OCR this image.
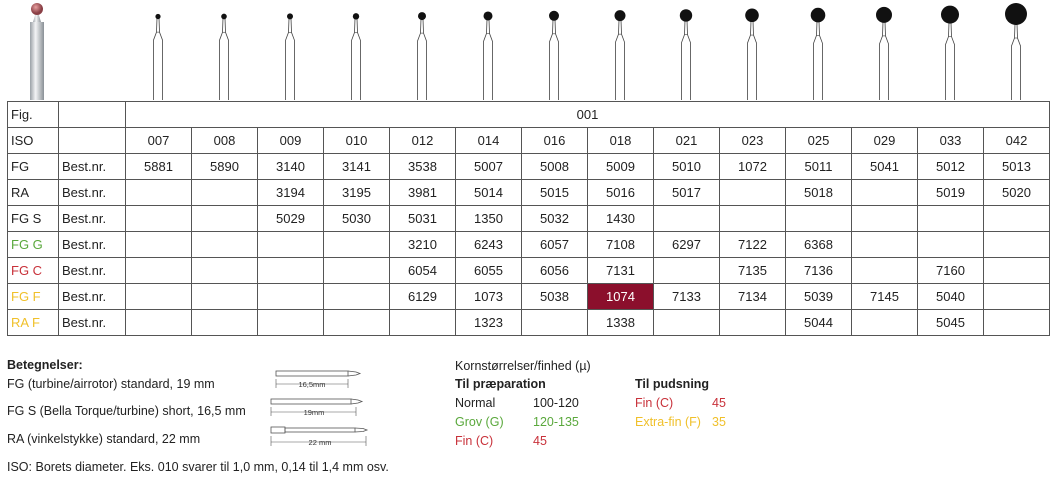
Fig.		001													
ISO		007	008	009	010	012	014	016	018	021	023	025	029	033	042
FG	Best.nr.	5881	5890	3140	3141	3538	5007	5008	5009	5010	1072	5011	5041	5012	5013
RA	Best.nr.			3194	3195	3981	5014	5015	5016	5017		5018		5019	5020
FG S	Best.nr.			5029	5030	5031	1350	5032	1430						
FG G	Best.nr.					3210	6243	6057	7108	6297	7122	6368			
FG C	Best.nr.					6054	6055	6056	7131		7135	7136		7160	
FG F	Best.nr.					6129	1073	5038	1074	7133	7134	5039	7145	5040	
RA F	Best.nr.						1323		1338			5044		5045	
Betegnelser:
FG (turbine/airrotor) standard, 19 mm
FG S (Bella Torque/turbine) short, 16,5 mm
RA (vinkelstykke) standard, 22 mm
ISO: Borets diameter. Eks. 010 svarer til 1,0 mm, 0,14 til 1,4 mm osv.
16,5mm
19mm
22 mm
Kornstørrelser/finhed (µ)
Til præparation	Til pudsning
Normal	100-120
Grov (G) 120-135
Fin (C)	45
Fin (C)	45
Extra-fin (F) 35
